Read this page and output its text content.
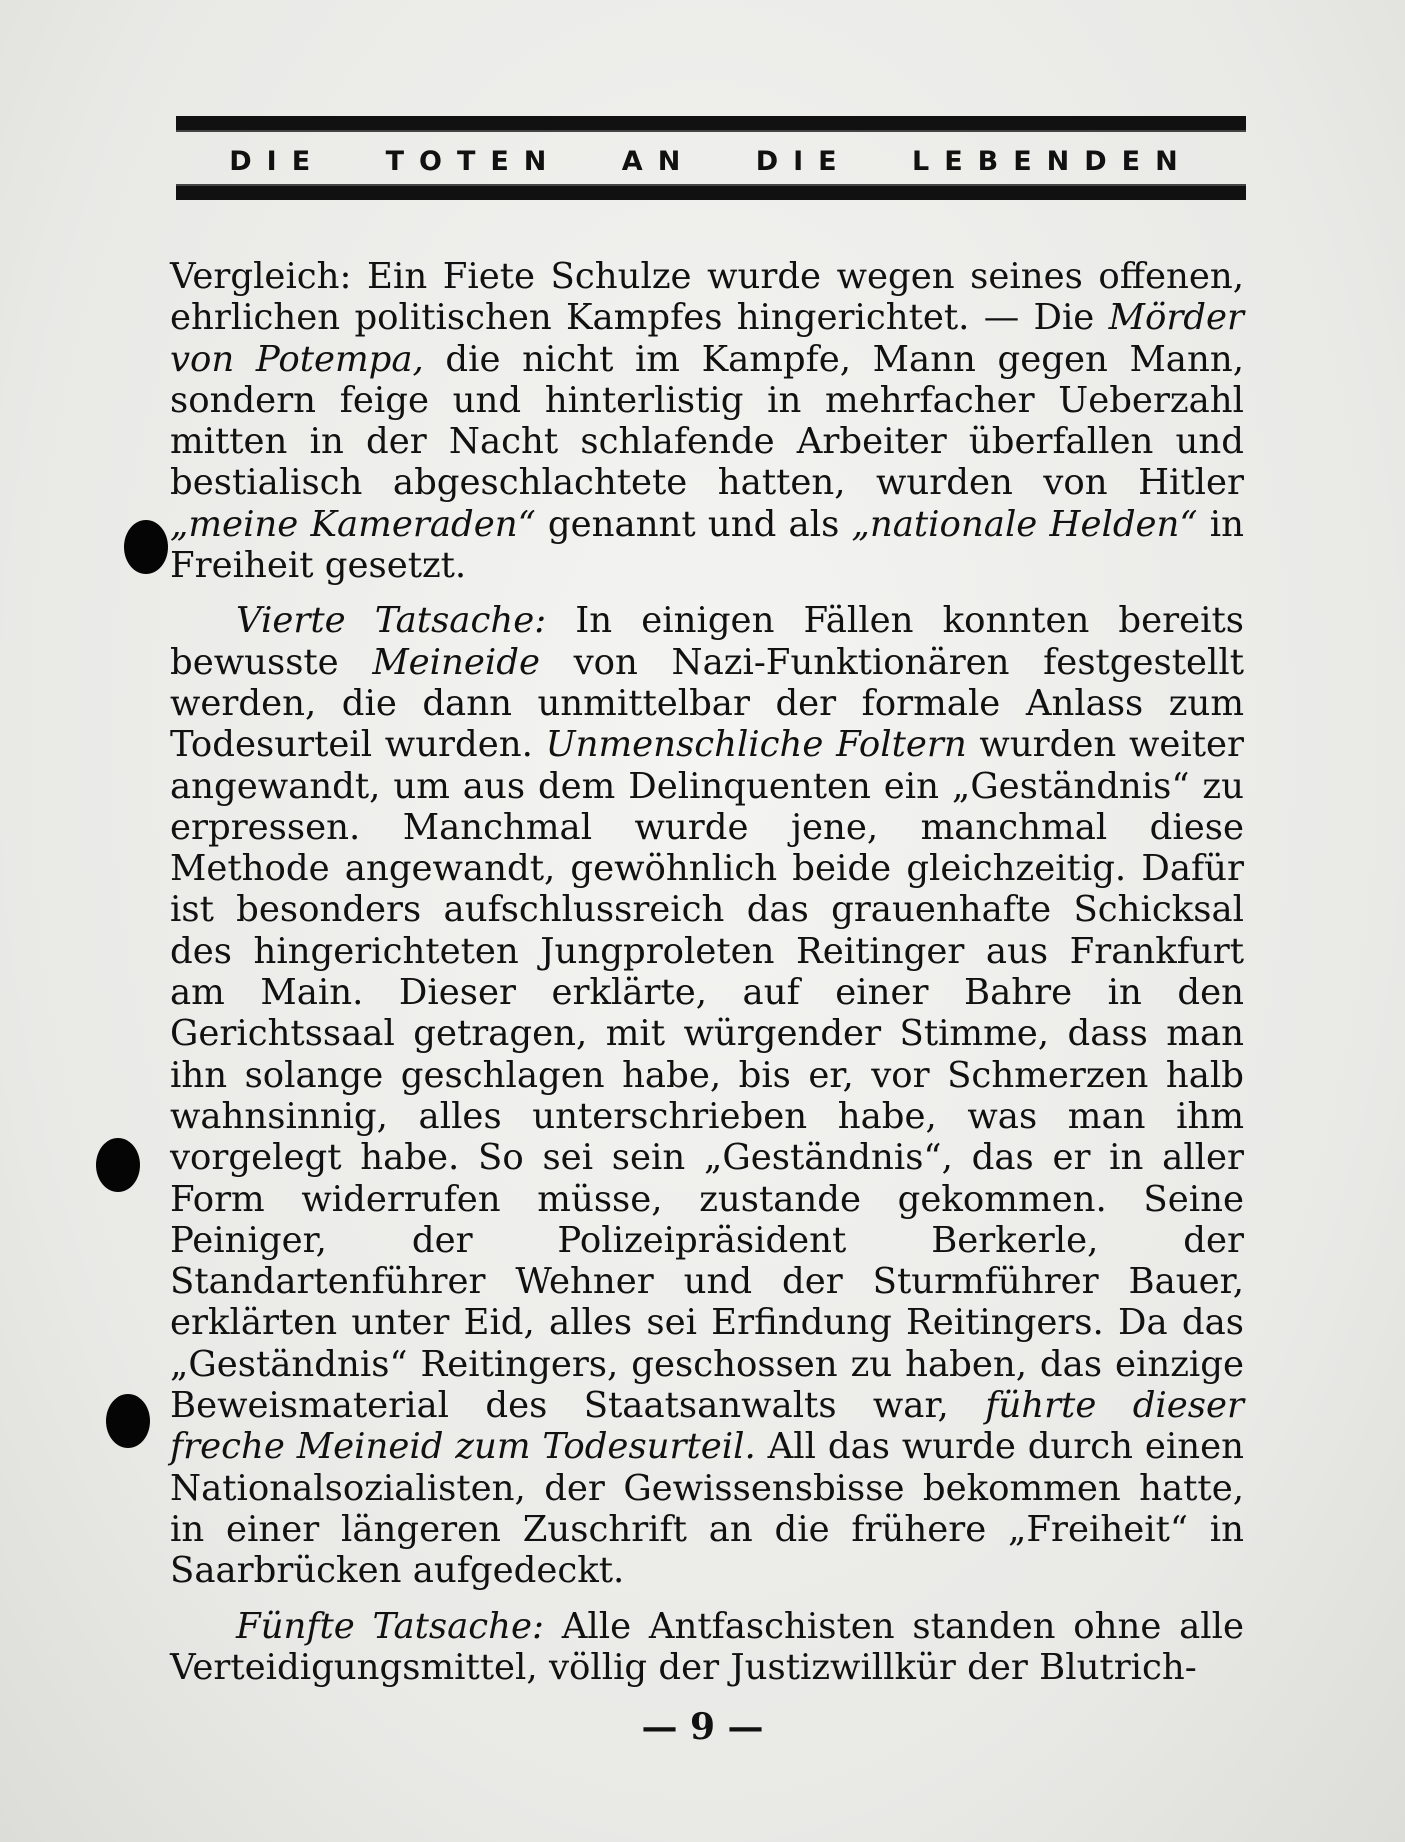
DIE TOTEN AN DIE LEBENDEN

Vergleich: Ein Fiete Schulze wurde wegen seines offenen, ehrlichen politischen Kampfes hingerichtet. — Die Mörder von Potempa, die nicht im Kampfe, Mann gegen Mann, sondern feige und hinterlistig in mehrfacher Ueberzahl mitten in der Nacht schlafende Arbeiter überfallen und bestialisch abgeschlachtete hatten, wurden von Hitler „meine Kameraden“ genannt und als „nationale Helden“ in Freiheit gesetzt.

Vierte Tatsache: In einigen Fällen konnten bereits bewusste Meineide von Nazi-Funktionären festgestellt werden, die dann unmittelbar der formale Anlass zum Todesurteil wurden. Unmenschliche Foltern wurden weiter angewandt, um aus dem Delinquenten ein „Geständnis“ zu erpressen. Manchmal wurde jene, manchmal diese Methode angewandt, gewöhnlich beide gleichzeitig. Dafür ist besonders aufschlussreich das grauenhafte Schicksal des hingerichteten Jungproleten Reitinger aus Frankfurt am Main. Dieser erklärte, auf einer Bahre in den Gerichtssaal getragen, mit würgender Stimme, dass man ihn solange geschlagen habe, bis er, vor Schmerzen halb wahnsinnig, alles unterschrieben habe, was man ihm vorgelegt habe. So sei sein „Geständnis“, das er in aller Form widerrufen müsse, zustande gekommen. Seine Peiniger, der Polizeipräsident Berkerle, der Standartenführer Wehner und der Sturmführer Bauer, erklärten unter Eid, alles sei Erfindung Reitingers. Da das „Geständnis“ Reitingers, geschossen zu haben, das einzige Beweismaterial des Staatsanwalts war, führte dieser freche Meineid zum Todesurteil. All das wurde durch einen Nationalsozialisten, der Gewissensbisse bekommen hatte, in einer längeren Zuschrift an die frühere „Freiheit“ in Saarbrücken aufgedeckt.

Fünfte Tatsache: Alle Antfaschisten standen ohne alle Verteidigungsmittel, völlig der Justizwillkür der Blutrich-

— 9 —
